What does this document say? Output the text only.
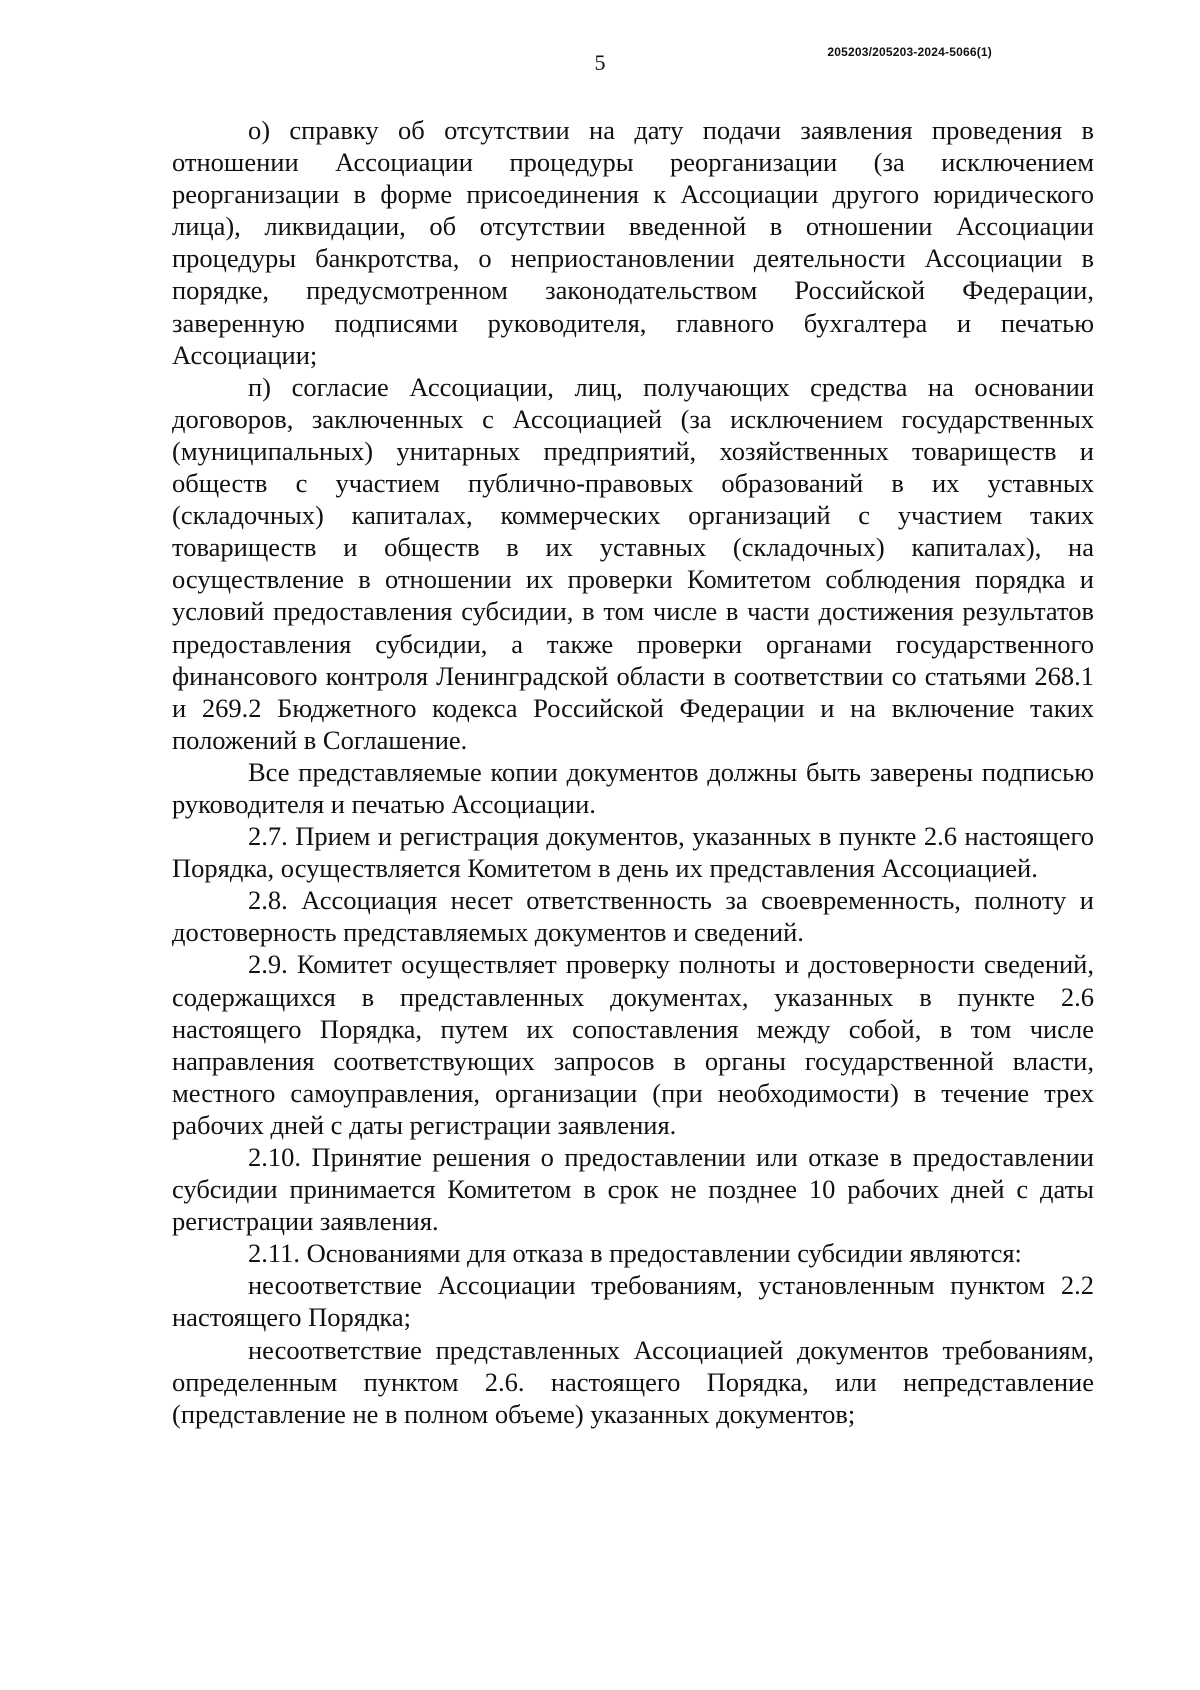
5	205203/205203-2024-5066(1)

о) справку об отсутствии на дату подачи заявления проведения в отношении Ассоциации процедуры реорганизации (за исключением реорганизации в форме присоединения к Ассоциации другого юридического лица), ликвидации, об отсутствии введенной в отношении Ассоциации процедуры банкротства, о неприостановлении деятельности Ассоциации в порядке, предусмотренном законодательством Российской Федерации, заверенную подписями руководителя, главного бухгалтера и печатью Ассоциации;

п) согласие Ассоциации, лиц, получающих средства на основании договоров, заключенных с Ассоциацией (за исключением государственных (муниципальных) унитарных предприятий, хозяйственных товариществ и обществ с участием публично-правовых образований в их уставных (складочных) капиталах, коммерческих организаций с участием таких товариществ и обществ в их уставных (складочных) капиталах), на осуществление в отношении их проверки Комитетом соблюдения порядка и условий предоставления субсидии, в том числе в части достижения результатов предоставления субсидии, а также проверки органами государственного финансового контроля Ленинградской области в соответствии со статьями 268.1 и 269.2 Бюджетного кодекса Российской Федерации и на включение таких положений в Соглашение.

Все представляемые копии документов должны быть заверены подписью руководителя и печатью Ассоциации.

2.7. Прием и регистрация документов, указанных в пункте 2.6 настоящего Порядка, осуществляется Комитетом в день их представления Ассоциацией.

2.8. Ассоциация несет ответственность за своевременность, полноту и достоверность представляемых документов и сведений.

2.9. Комитет осуществляет проверку полноты и достоверности сведений, содержащихся в представленных документах, указанных в пункте 2.6 настоящего Порядка, путем их сопоставления между собой, в том числе направления соответствующих запросов в органы государственной власти, местного самоуправления, организации (при необходимости) в течение трех рабочих дней с даты регистрации заявления.

2.10. Принятие решения о предоставлении или отказе в предоставлении субсидии принимается Комитетом в срок не позднее 10 рабочих дней с даты регистрации заявления.

2.11. Основаниями для отказа в предоставлении субсидии являются:

несоответствие Ассоциации требованиям, установленным пунктом 2.2 настоящего Порядка;

несоответствие представленных Ассоциацией документов требованиям, определенным пунктом 2.6. настоящего Порядка, или непредставление (представление не в полном объеме) указанных документов;
